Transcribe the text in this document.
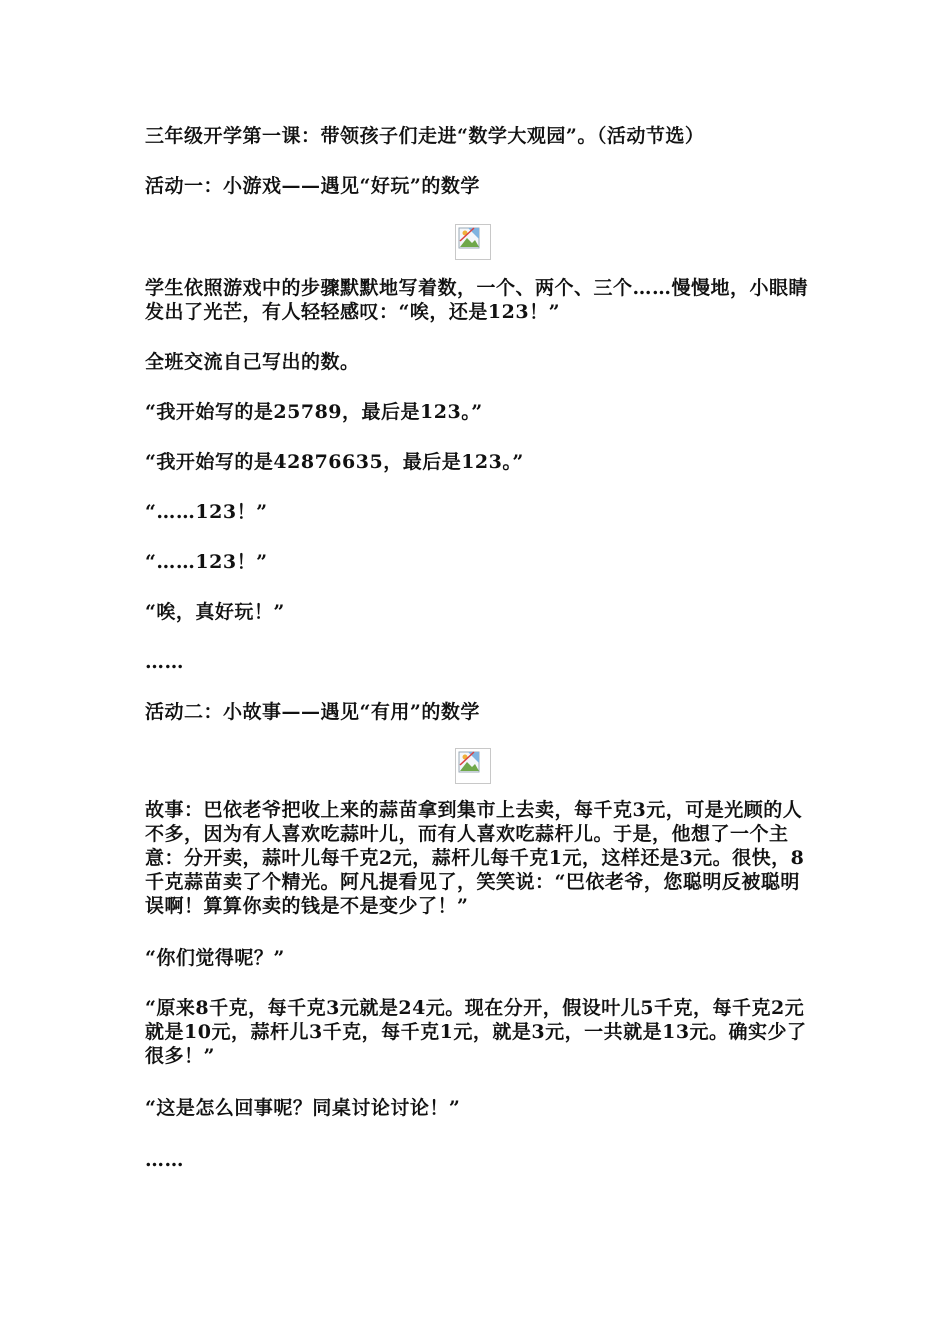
三年级开学第一课：带领孩子们走进“数学大观园”。（活动节选）

活动一：小游戏——遇见“好玩”的数学

学生依照游戏中的步骤默默地写着数，一个、两个、三个……慢慢地，小眼睛发出了光芒，有人轻轻感叹：“唉，还是123！”

全班交流自己写出的数。

“我开始写的是25789，最后是123。”

“我开始写的是42876635，最后是123。”

“……123！”

“……123！”

“唉，真好玩！”

……

活动二：小故事——遇见“有用”的数学

故事：巴依老爷把收上来的蒜苗拿到集市上去卖，每千克3元，可是光顾的人不多，因为有人喜欢吃蒜叶儿，而有人喜欢吃蒜杆儿。于是，他想了一个主意：分开卖，蒜叶儿每千克2元，蒜杆儿每千克1元，这样还是3元。很快，8千克蒜苗卖了个精光。阿凡提看见了，笑笑说：“巴依老爷，您聪明反被聪明误啊！算算你卖的钱是不是变少了！”

“你们觉得呢？”

“原来8千克，每千克3元就是24元。现在分开，假设叶儿5千克，每千克2元就是10元，蒜杆儿3千克，每千克1元，就是3元，一共就是13元。确实少了很多！”

“这是怎么回事呢？同桌讨论讨论！”

……
